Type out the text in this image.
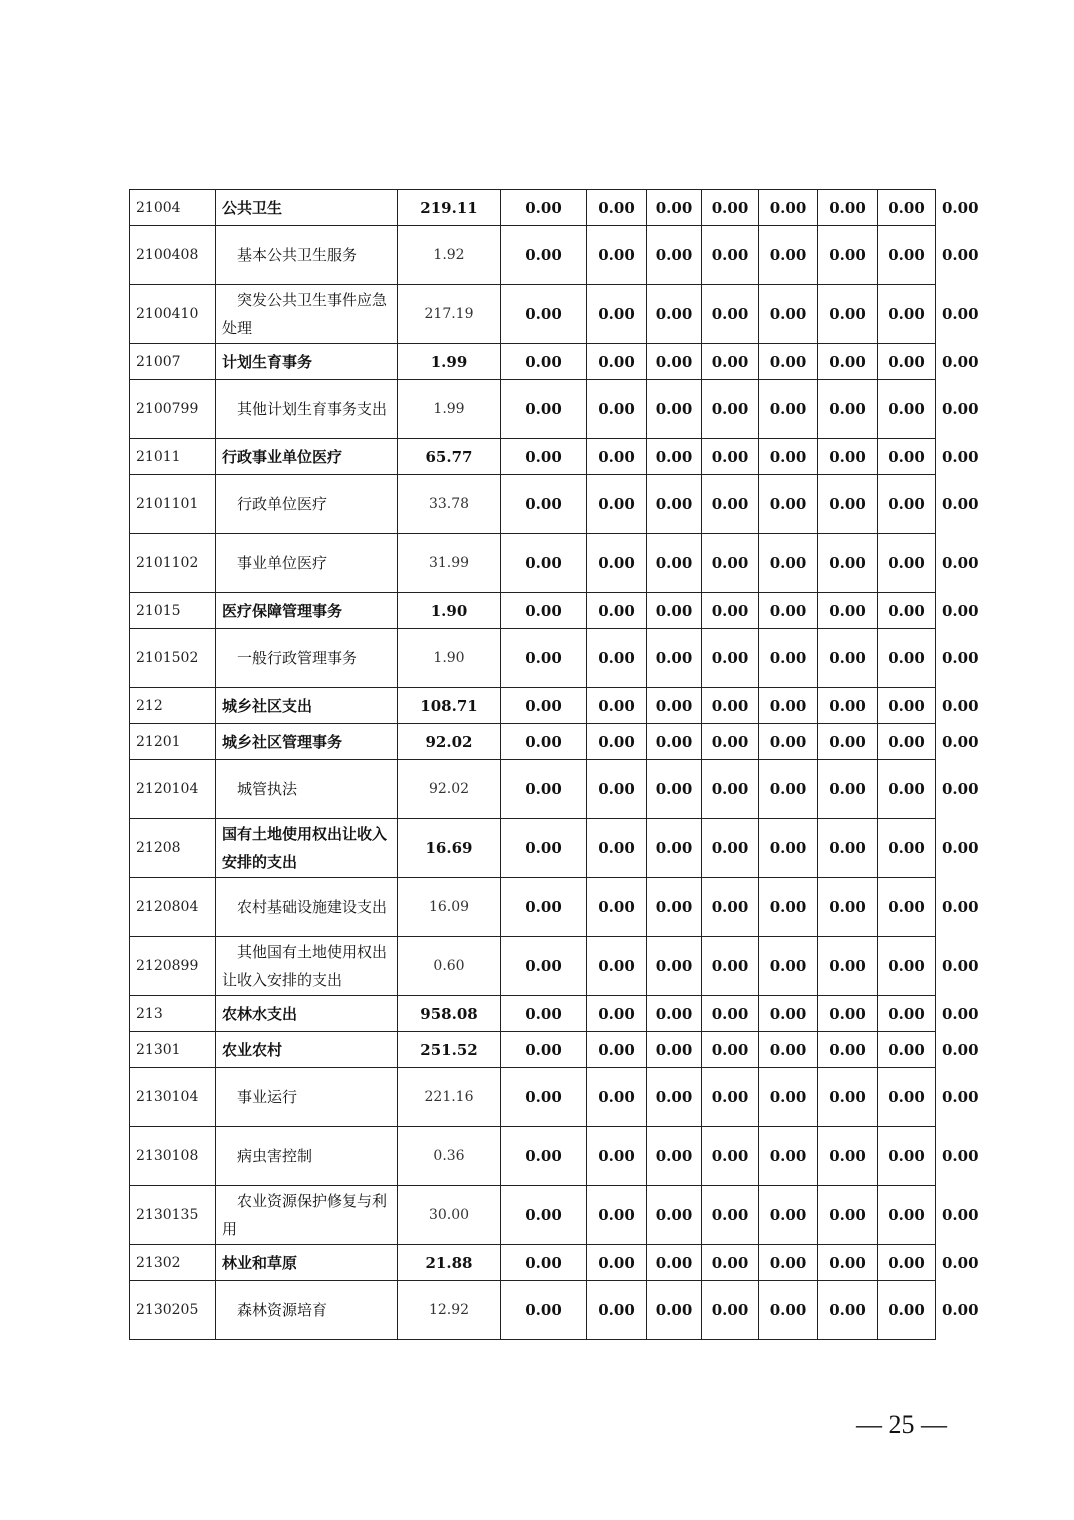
21004	公共卫生	219.11	0.00	0.00	0.00	0.00	0.00	0.00	0.00	0.00
2100408	基本公共卫生服务	1.92	0.00	0.00	0.00	0.00	0.00	0.00	0.00	0.00
2100410	突发公共卫生事件应急处理	217.19	0.00	0.00	0.00	0.00	0.00	0.00	0.00	0.00
21007	计划生育事务	1.99	0.00	0.00	0.00	0.00	0.00	0.00	0.00	0.00
2100799	其他计划生育事务支出	1.99	0.00	0.00	0.00	0.00	0.00	0.00	0.00	0.00
21011	行政事业单位医疗	65.77	0.00	0.00	0.00	0.00	0.00	0.00	0.00	0.00
2101101	行政单位医疗	33.78	0.00	0.00	0.00	0.00	0.00	0.00	0.00	0.00
2101102	事业单位医疗	31.99	0.00	0.00	0.00	0.00	0.00	0.00	0.00	0.00
21015	医疗保障管理事务	1.90	0.00	0.00	0.00	0.00	0.00	0.00	0.00	0.00
2101502	一般行政管理事务	1.90	0.00	0.00	0.00	0.00	0.00	0.00	0.00	0.00
212	城乡社区支出	108.71	0.00	0.00	0.00	0.00	0.00	0.00	0.00	0.00
21201	城乡社区管理事务	92.02	0.00	0.00	0.00	0.00	0.00	0.00	0.00	0.00
2120104	城管执法	92.02	0.00	0.00	0.00	0.00	0.00	0.00	0.00	0.00
21208	国有土地使用权出让收入安排的支出	16.69	0.00	0.00	0.00	0.00	0.00	0.00	0.00	0.00
2120804	农村基础设施建设支出	16.09	0.00	0.00	0.00	0.00	0.00	0.00	0.00	0.00
2120899	其他国有土地使用权出让收入安排的支出	0.60	0.00	0.00	0.00	0.00	0.00	0.00	0.00	0.00
213	农林水支出	958.08	0.00	0.00	0.00	0.00	0.00	0.00	0.00	0.00
21301	农业农村	251.52	0.00	0.00	0.00	0.00	0.00	0.00	0.00	0.00
2130104	事业运行	221.16	0.00	0.00	0.00	0.00	0.00	0.00	0.00	0.00
2130108	病虫害控制	0.36	0.00	0.00	0.00	0.00	0.00	0.00	0.00	0.00
2130135	农业资源保护修复与利用	30.00	0.00	0.00	0.00	0.00	0.00	0.00	0.00	0.00
21302	林业和草原	21.88	0.00	0.00	0.00	0.00	0.00	0.00	0.00	0.00
2130205	森林资源培育	12.92	0.00	0.00	0.00	0.00	0.00	0.00	0.00	0.00
— 25 —
